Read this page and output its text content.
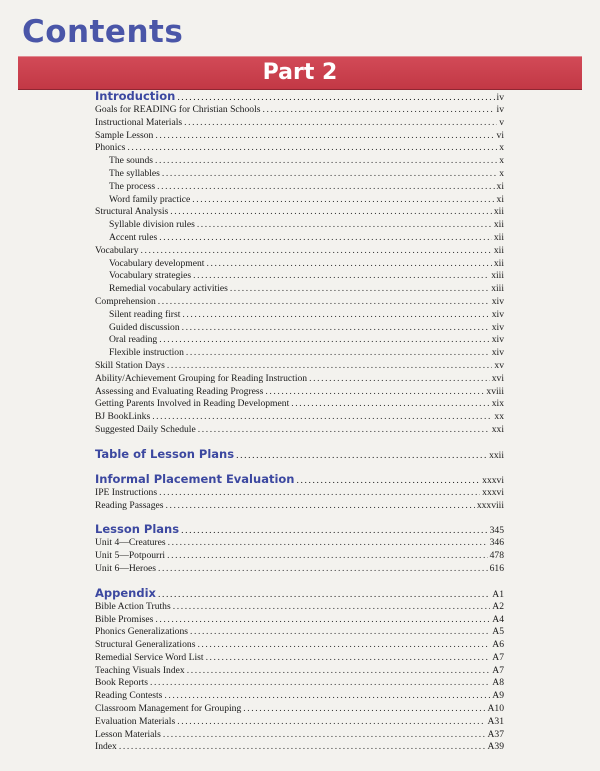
Contents
Part 2
Introduction .....	iv
Goals for READING for Christian Schools .....	iv
Instructional Materials .....	v
Sample Lesson .....	vi
Phonics .....	x
The sounds .....	x
The syllables .....	x
The process .....	xi
Word family practice .....	xi
Structural Analysis .....	xii
Syllable division rules .....	xii
Accent rules .....	xii
Vocabulary .....	xii
Vocabulary development .....	xii
Vocabulary strategies .....	xiii
Remedial vocabulary activities .....	xiii
Comprehension .....	xiv
Silent reading first .....	xiv
Guided discussion .....	xiv
Oral reading .....	xiv
Flexible instruction .....	xiv
Skill Station Days .....	xv
Ability/Achievement Grouping for Reading Instruction .....	xvi
Assessing and Evaluating Reading Progress .....	xviii
Getting Parents Involved in Reading Development .....	xix
BJ BookLinks .....	xx
Suggested Daily Schedule .....	xxi
Table of Lesson Plans .....	xxii
Informal Placement Evaluation .....	xxxvi
IPE Instructions .....	xxxvi
Reading Passages .....	xxxviii
Lesson Plans .....	345
Unit 4—Creatures .....	346
Unit 5—Potpourri .....	478
Unit 6—Heroes .....	616
Appendix .....	A1
Bible Action Truths .....	A2
Bible Promises .....	A4
Phonics Generalizations .....	A5
Structural Generalizations .....	A6
Remedial Service Word List .....	A7
Teaching Visuals Index .....	A7
Book Reports .....	A8
Reading Contests .....	A9
Classroom Management for Grouping .....	A10
Evaluation Materials .....	A31
Lesson Materials .....	A37
Index .....	A39
